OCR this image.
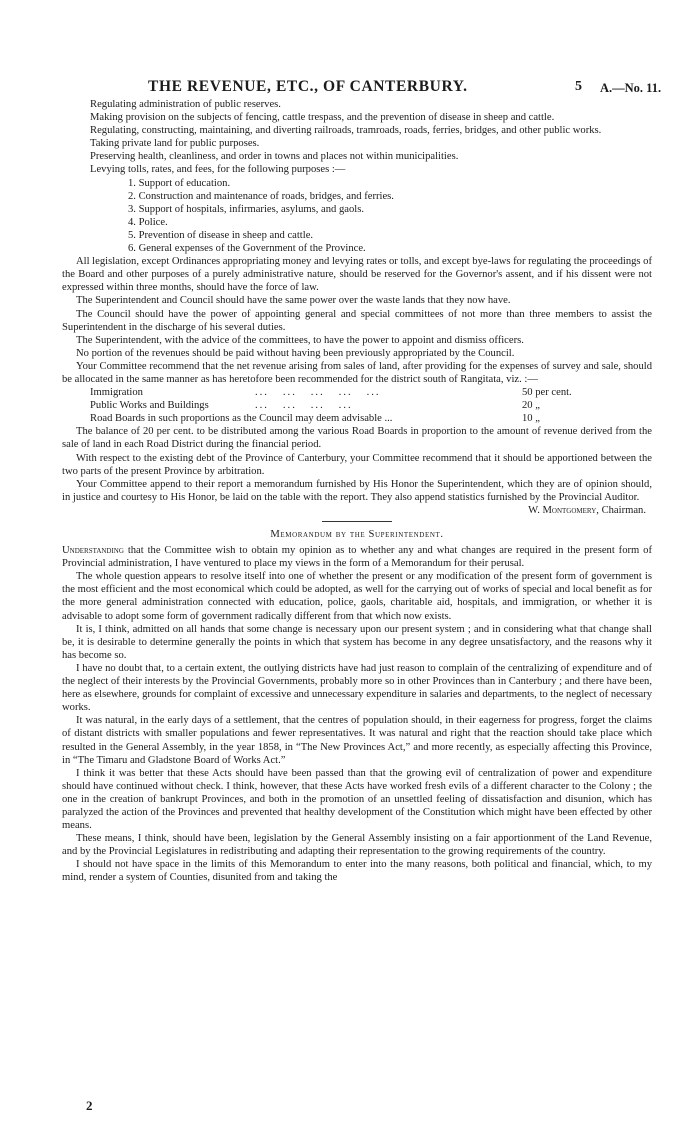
THE REVENUE, ETC., OF CANTERBURY.	5 A.—No. 11.

Regulating administration of public reserves.

Making provision on the subjects of fencing, cattle trespass, and the prevention of disease in sheep and cattle.

Regulating, constructing, maintaining, and diverting railroads, tramroads, roads, ferries, bridges, and other public works.

Taking private land for public purposes.

Preserving health, cleanliness, and order in towns and places not within municipalities.

Levying tolls, rates, and fees, for the following purposes :—

1. Support of education.

2. Construction and maintenance of roads, bridges, and ferries.

3. Support of hospitals, infirmaries, asylums, and gaols.

4. Police.

5. Prevention of disease in sheep and cattle.

6. General expenses of the Government of the Province.

All legislation, except Ordinances appropriating money and levying rates or tolls, and except bye-laws for regulating the proceedings of the Board and other purposes of a purely administrative nature, should be reserved for the Governor's assent, and if his dissent were not expressed within three months, should have the force of law.

The Superintendent and Council should have the same power over the waste lands that they now have.

The Council should have the power of appointing general and special committees of not more than three members to assist the Superintendent in the discharge of his several duties.

The Superintendent, with the advice of the committees, to have the power to appoint and dismiss officers.

No portion of the revenues should be paid without having been previously appropriated by the Council.

Your Committee recommend that the net revenue arising from sales of land, after providing for the expenses of survey and sale, should be allocated in the same manner as has heretofore been recommended for the district south of Rangitata, viz. :—

Immigration	...   ...   ...   ...   ...	50 per cent.
Public Works and Buildings	...   ...   ...   ...	20 „
Road Boards in such proportions as the Council may deem advisable ...	10 „

The balance of 20 per cent. to be distributed among the various Road Boards in proportion to the amount of revenue derived from the sale of land in each Road District during the financial period.

With respect to the existing debt of the Province of Canterbury, your Committee recommend that it should be apportioned between the two parts of the present Province by arbitration.

Your Committee append to their report a memorandum furnished by His Honor the Superintendent, which they are of opinion should, in justice and courtesy to His Honor, be laid on the table with the report. They also append statistics furnished by the Provincial Auditor.

W. Montgomery, Chairman.

Memorandum by the Superintendent.

Understanding that the Committee wish to obtain my opinion as to whether any and what changes are required in the present form of Provincial administration, I have ventured to place my views in the form of a Memorandum for their perusal.

The whole question appears to resolve itself into one of whether the present or any modification of the present form of government is the most efficient and the most economical which could be adopted, as well for the carrying out of works of special and local benefit as for the more general administration connected with education, police, gaols, charitable aid, hospitals, and immigration, or whether it is advisable to adopt some form of government radically different from that which now exists.

It is, I think, admitted on all hands that some change is necessary upon our present system ; and in considering what that change shall be, it is desirable to determine generally the points in which that system has become in any degree unsatisfactory, and the reasons why it has become so.

I have no doubt that, to a certain extent, the outlying districts have had just reason to complain of the centralizing of expenditure and of the neglect of their interests by the Provincial Governments, probably more so in other Provinces than in Canterbury ; and there have been, here as elsewhere, grounds for complaint of excessive and unnecessary expenditure in salaries and departments, to the neglect of necessary works.

It was natural, in the early days of a settlement, that the centres of population should, in their eagerness for progress, forget the claims of distant districts with smaller populations and fewer representatives. It was natural and right that the reaction should take place which resulted in the General Assembly, in the year 1858, in “The New Provinces Act,” and more recently, as especially affecting this Province, in “The Timaru and Gladstone Board of Works Act.”

I think it was better that these Acts should have been passed than that the growing evil of centralization of power and expenditure should have continued without check. I think, however, that these Acts have worked fresh evils of a different character to the Colony ; the one in the creation of bankrupt Provinces, and both in the promotion of an unsettled feeling of dissatisfaction and disunion, which has paralyzed the action of the Provinces and prevented that healthy development of the Constitution which might have been effected by other means.

These means, I think, should have been, legislation by the General Assembly insisting on a fair apportionment of the Land Revenue, and by the Provincial Legislatures in redistributing and adapting their representation to the growing requirements of the country.

I should not have space in the limits of this Memorandum to enter into the many reasons, both political and financial, which, to my mind, render a system of Counties, disunited from and taking the

2
